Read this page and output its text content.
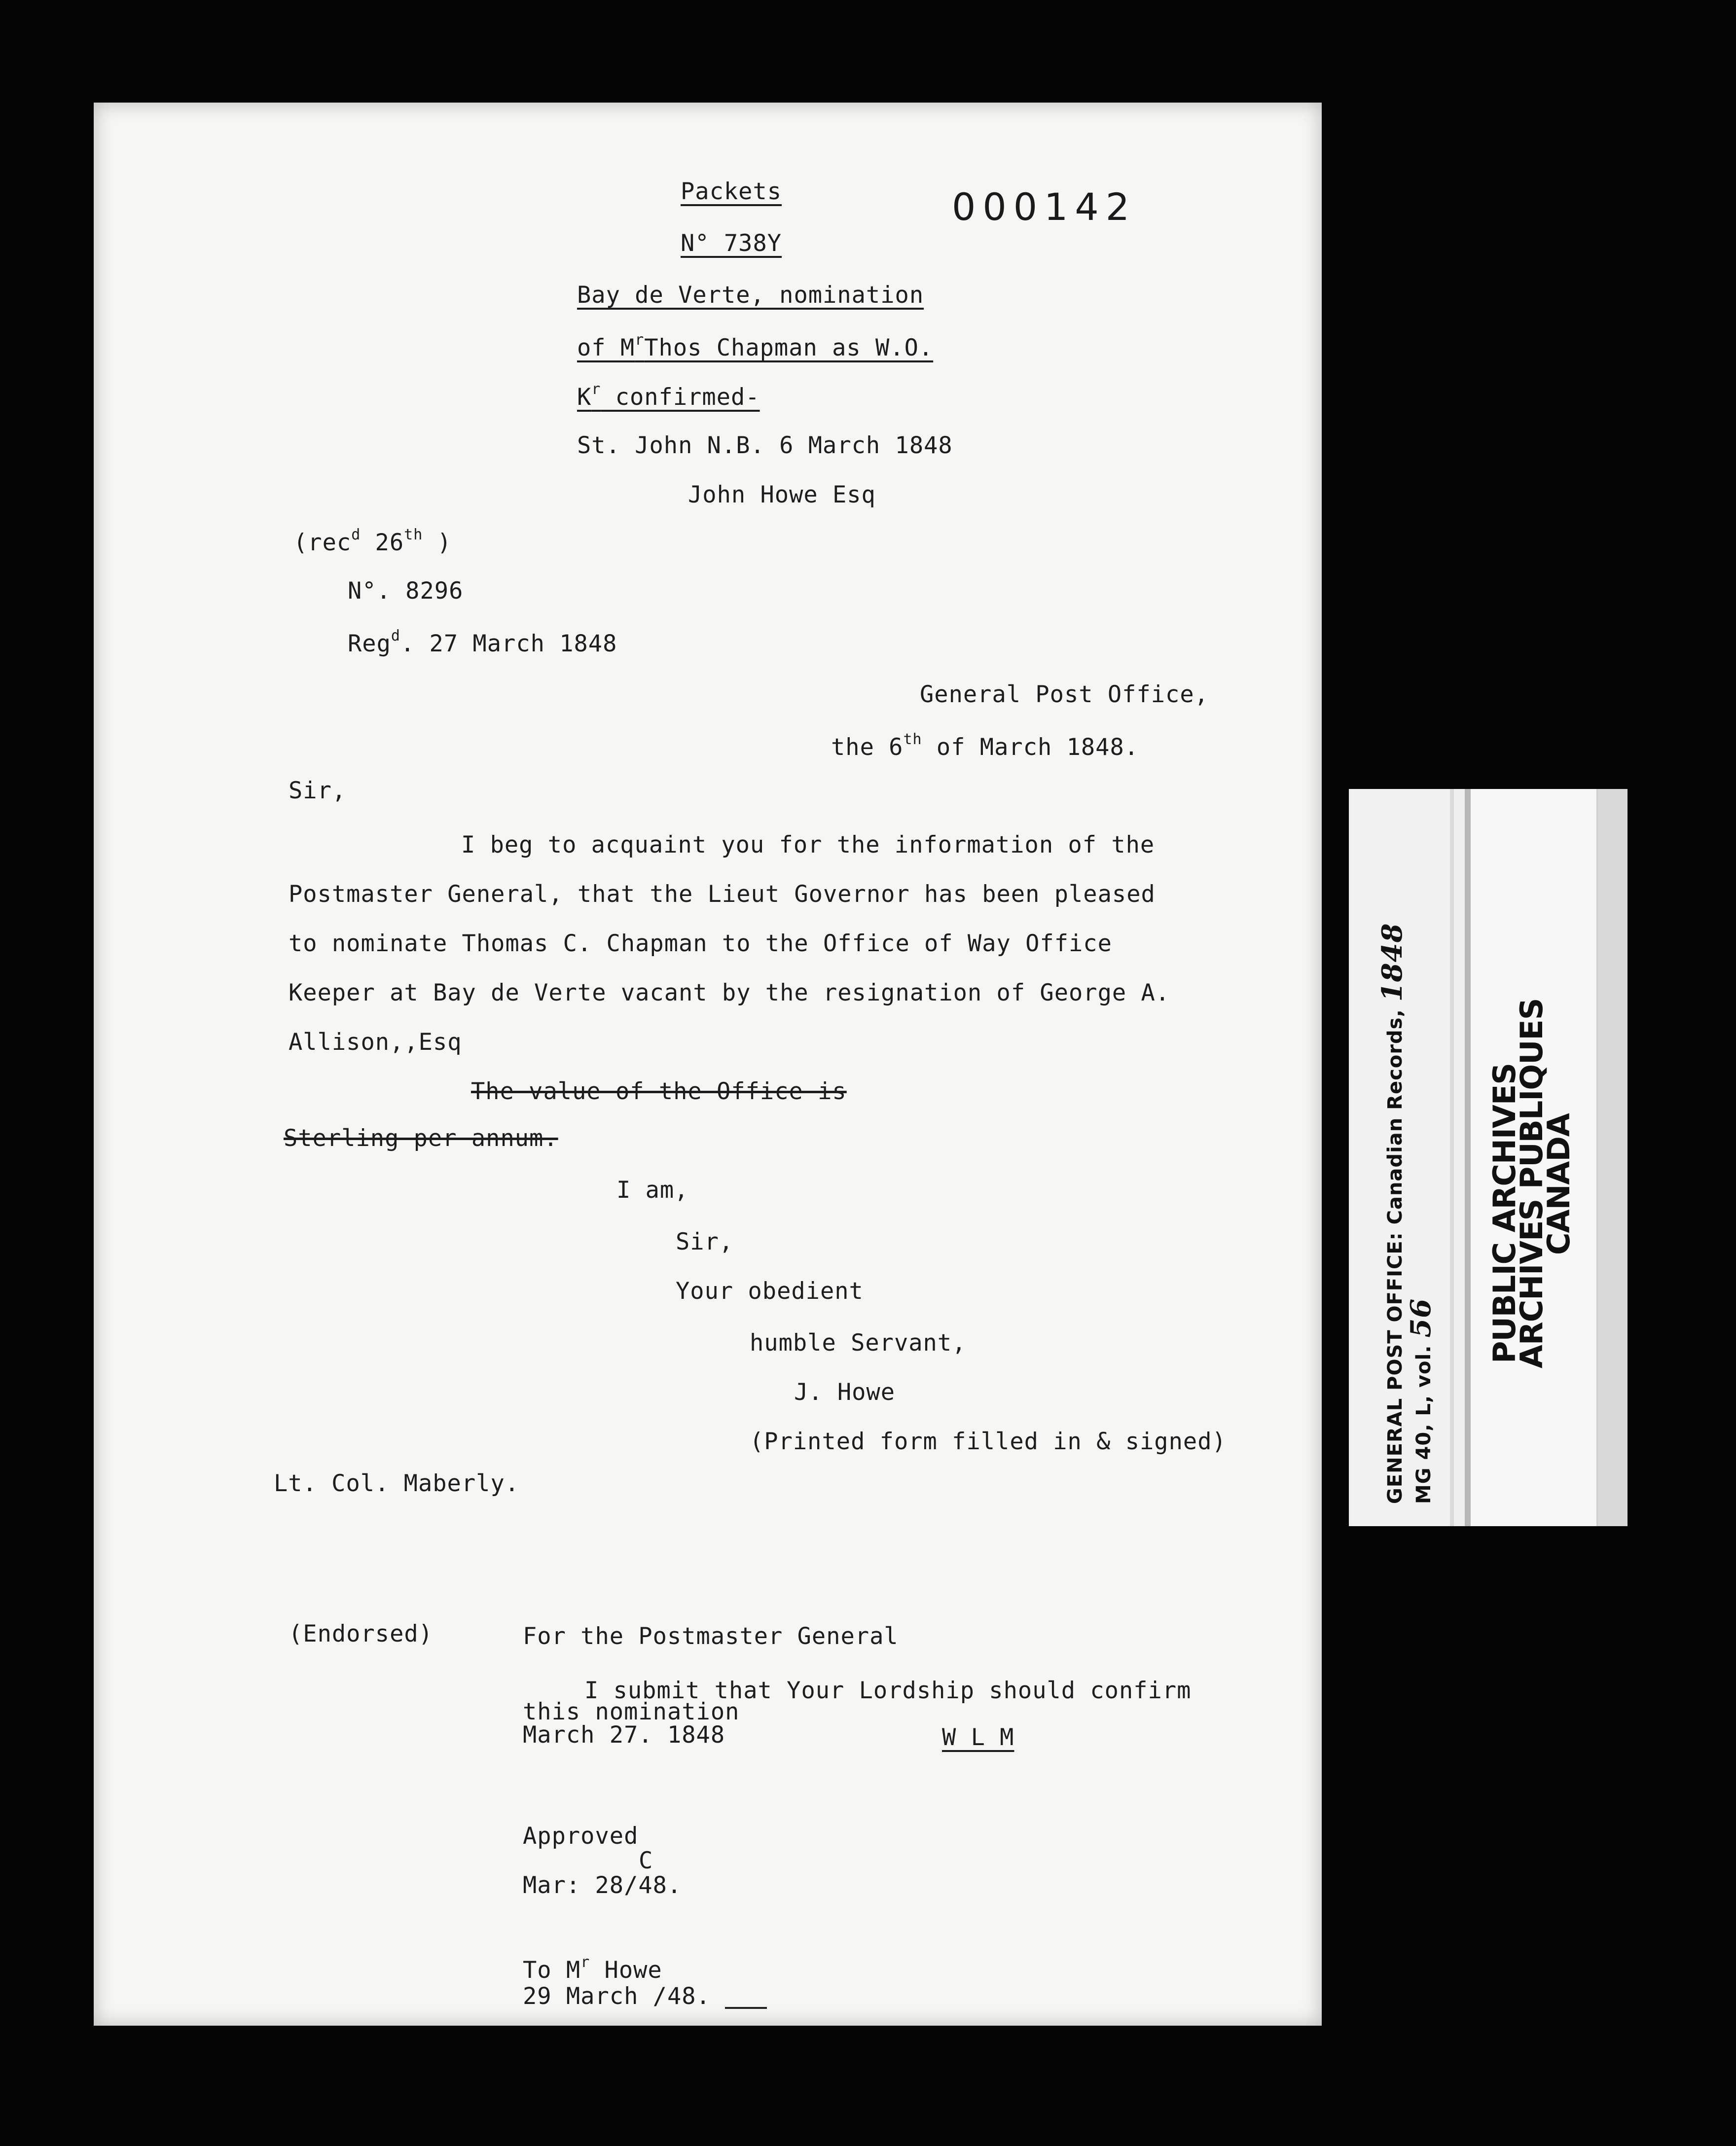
000142
Packets
N° 738Y
Bay de Verte, nomination
of $M^rThos$ Chapman as W.O.
$K^r$ confirmed-
St. John N.B. 6 March 1848
John Howe Esq
(rec$^d$ 26th )
N°. 8296
Reg$^d$. 27 March 1848
General Post Office,
the 6th of March 1848.
Sir,
I beg to acquaint you for the information of the
Postmaster General, that the Lieut Governor has been pleased
to nominate Thomas C. Chapman to the Office of Way Office
Keeper at Bay de Verte vacant by the resignation of George A.
Allison,,Esq
The value of the Office is
Sterling per annum.
I am,
Sir,
Your obedient
humble Servant,
J. Howe
(Printed form filled in & signed)
Lt. Col. Maberly.
(Endorsed)	For the Postmaster General
I submit that Your Lordship should confirm
this nomination
March 27. 1848	W L M
Approved
C
Mar: 28/48.
To $M^r$ Howe
29 March /48.
GENERAL POST OFFICE: Canadian Records, 1848
MG 40, L, vol. 56 PUBLIC ARCHIVES
ARCHIVES PUBLIQUES
CANADA
